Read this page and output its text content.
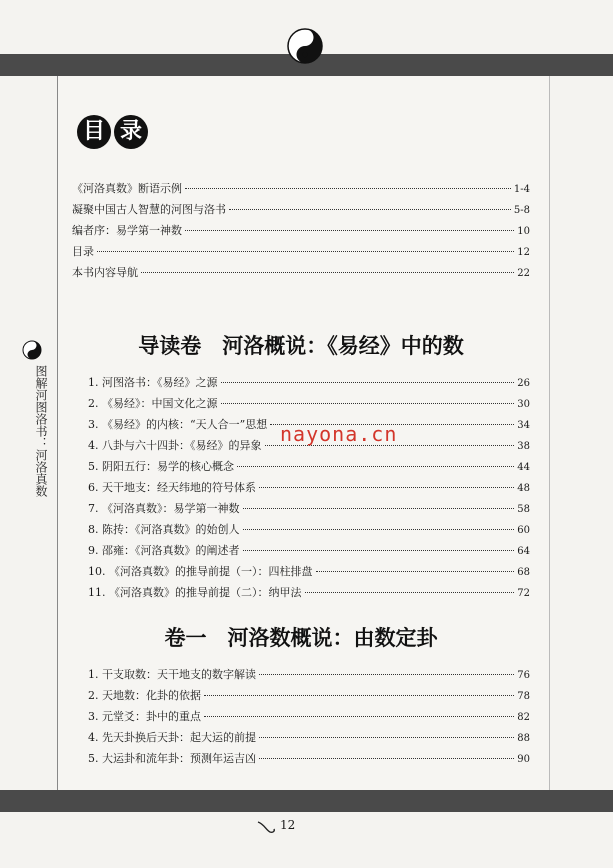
图解河图洛书：河洛真数
目 录
《河洛真数》断语示例	1-4
凝聚中国古人智慧的河图与洛书	5-8
编者序：易学第一神数	10
目录	12
本书内容导航	22
导读卷　河洛概说：《易经》中的数
1. 河图洛书：《易经》之源	26
2. 《易经》：中国文化之源	30
3. 《易经》的内核：“天人合一”思想	34
4. 八卦与六十四卦：《易经》的异象	38
5. 阴阳五行：易学的核心概念	44
6. 天干地支：经天纬地的符号体系	48
7. 《河洛真数》：易学第一神数	58
8. 陈抟：《河洛真数》的始创人	60
9. 邵雍：《河洛真数》的阐述者	64
10. 《河洛真数》的推导前提（一）：四柱排盘	68
11. 《河洛真数》的推导前提（二）：纳甲法	72
nayona.cn
卷一　河洛数概说：由数定卦
1. 干支取数：天干地支的数字解读	76
2. 天地数：化卦的依据	78
3. 元堂爻：卦中的重点	82
4. 先天卦换后天卦：起大运的前提	88
5. 大运卦和流年卦：预测年运吉凶	90
12
